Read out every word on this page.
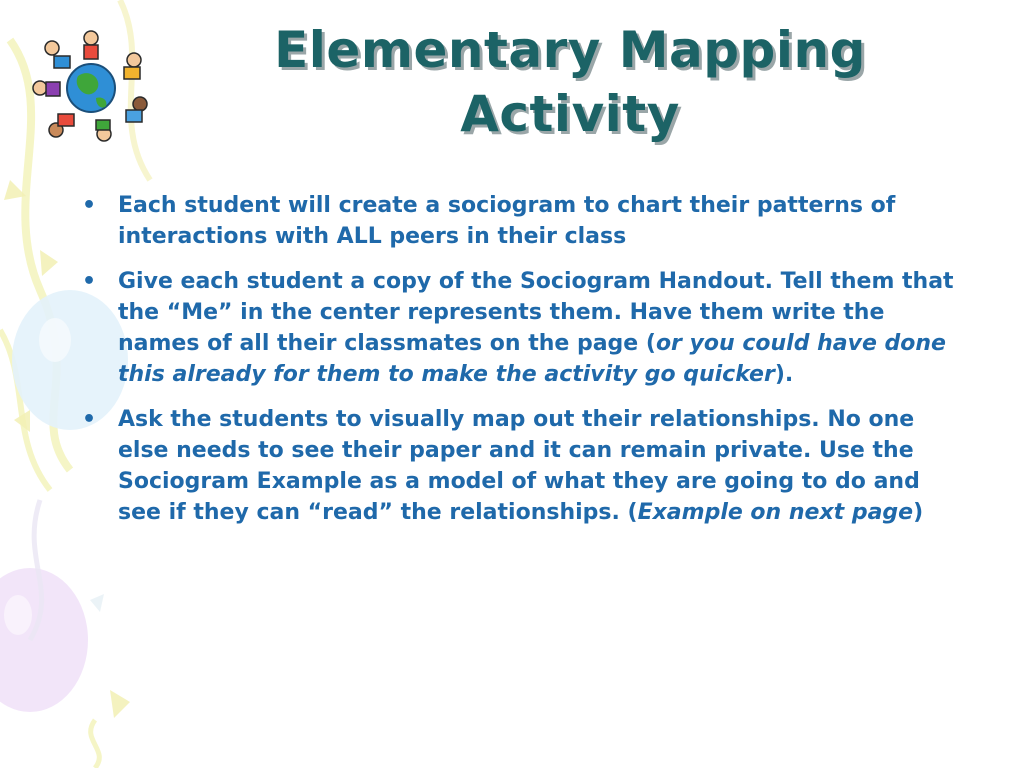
Elementary Mapping Activity
• Each student will create a sociogram to chart their patterns of interactions with ALL peers in their class
• Give each student a copy of the Sociogram Handout. Tell them that the “Me” in the center represents them. Have them write the names of all their classmates on the page (or you could have done this already for them to make the activity go quicker).
• Ask the students to visually map out their relationships. No one else needs to see their paper and it can remain private. Use the Sociogram Example as a model of what they are going to do and see if they can “read” the relationships. (Example on next page)
